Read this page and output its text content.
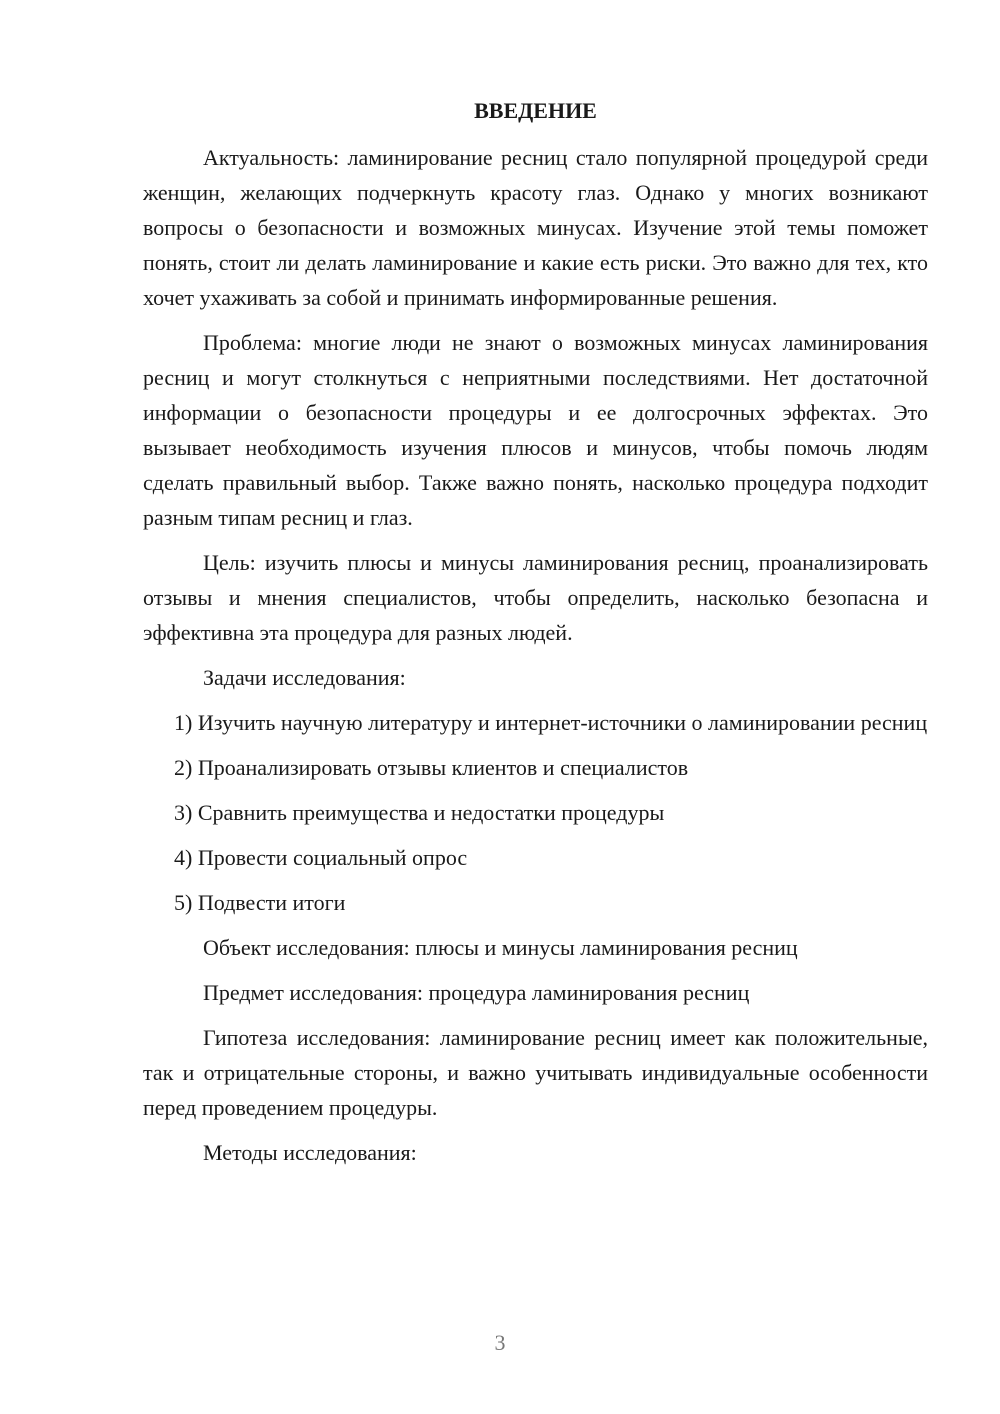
ВВЕДЕНИЕ

Актуальность: ламинирование ресниц стало популярной процедурой среди женщин, желающих подчеркнуть красоту глаз. Однако у многих возникают вопросы о безопасности и возможных минусах. Изучение этой темы поможет понять, стоит ли делать ламинирование и какие есть риски. Это важно для тех, кто хочет ухаживать за собой и принимать информированные решения.

Проблема: многие люди не знают о возможных минусах ламинирования ресниц и могут столкнуться с неприятными последствиями. Нет достаточной информации о безопасности процедуры и ее долгосрочных эффектах. Это вызывает необходимость изучения плюсов и минусов, чтобы помочь людям сделать правильный выбор. Также важно понять, насколько процедура подходит разным типам ресниц и глаз.

Цель: изучить плюсы и минусы ламинирования ресниц, проанализировать отзывы и мнения специалистов, чтобы определить, насколько безопасна и эффективна эта процедура для разных людей.

Задачи исследования:

1) Изучить научную литературу и интернет-источники о ламинировании ресниц

2) Проанализировать отзывы клиентов и специалистов

3) Сравнить преимущества и недостатки процедуры

4) Провести социальный опрос

5) Подвести итоги

Объект исследования: плюсы и минусы ламинирования ресниц

Предмет исследования: процедура ламинирования ресниц

Гипотеза исследования: ламинирование ресниц имеет как положительные, так и отрицательные стороны, и важно учитывать индивидуальные особенности перед проведением процедуры.

Методы исследования:

3
